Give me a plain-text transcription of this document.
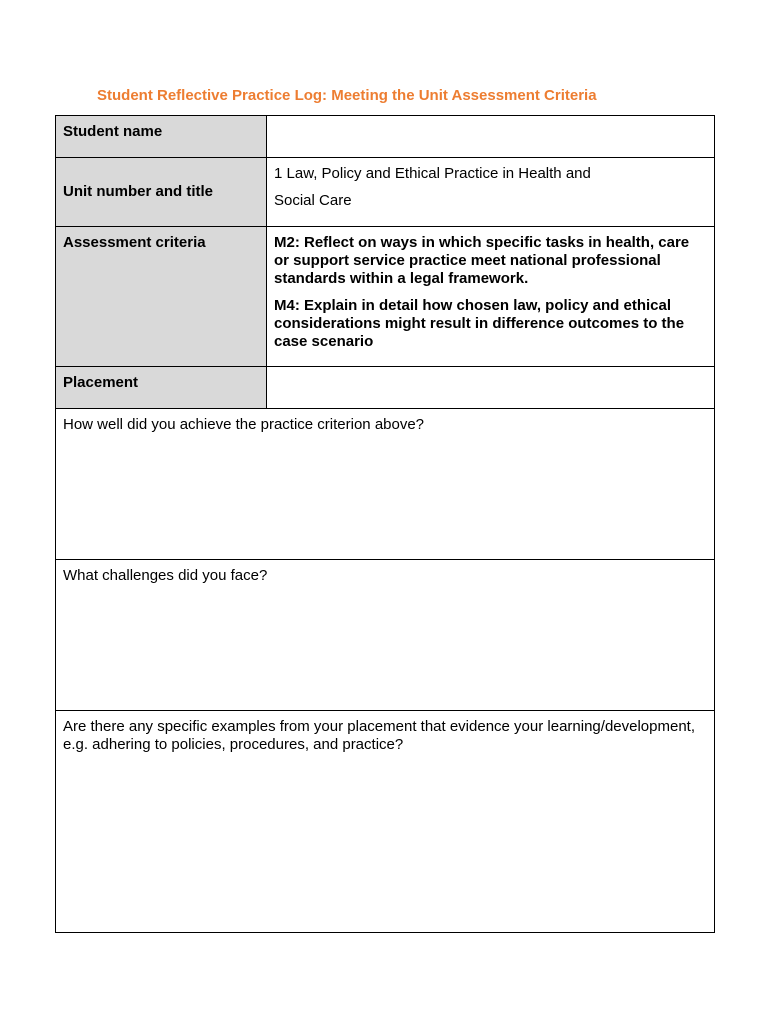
Student Reflective Practice Log: Meeting the Unit Assessment Criteria
Student name	
Unit number and title	1 Law, Policy and Ethical Practice in Health and
Social Care

Assessment criteria	M2: Reflect on ways in which specific tasks in health, care or support service practice meet national professional standards within a legal framework.
M4: Explain in detail how chosen law, policy and ethical considerations might result in difference outcomes to the case scenario

Placement	

How well did you achieve the practice criterion above?	

What challenges did you face?	

Are there any specific examples from your placement that evidence your learning/development, e.g. adhering to policies, procedures, and practice?	
